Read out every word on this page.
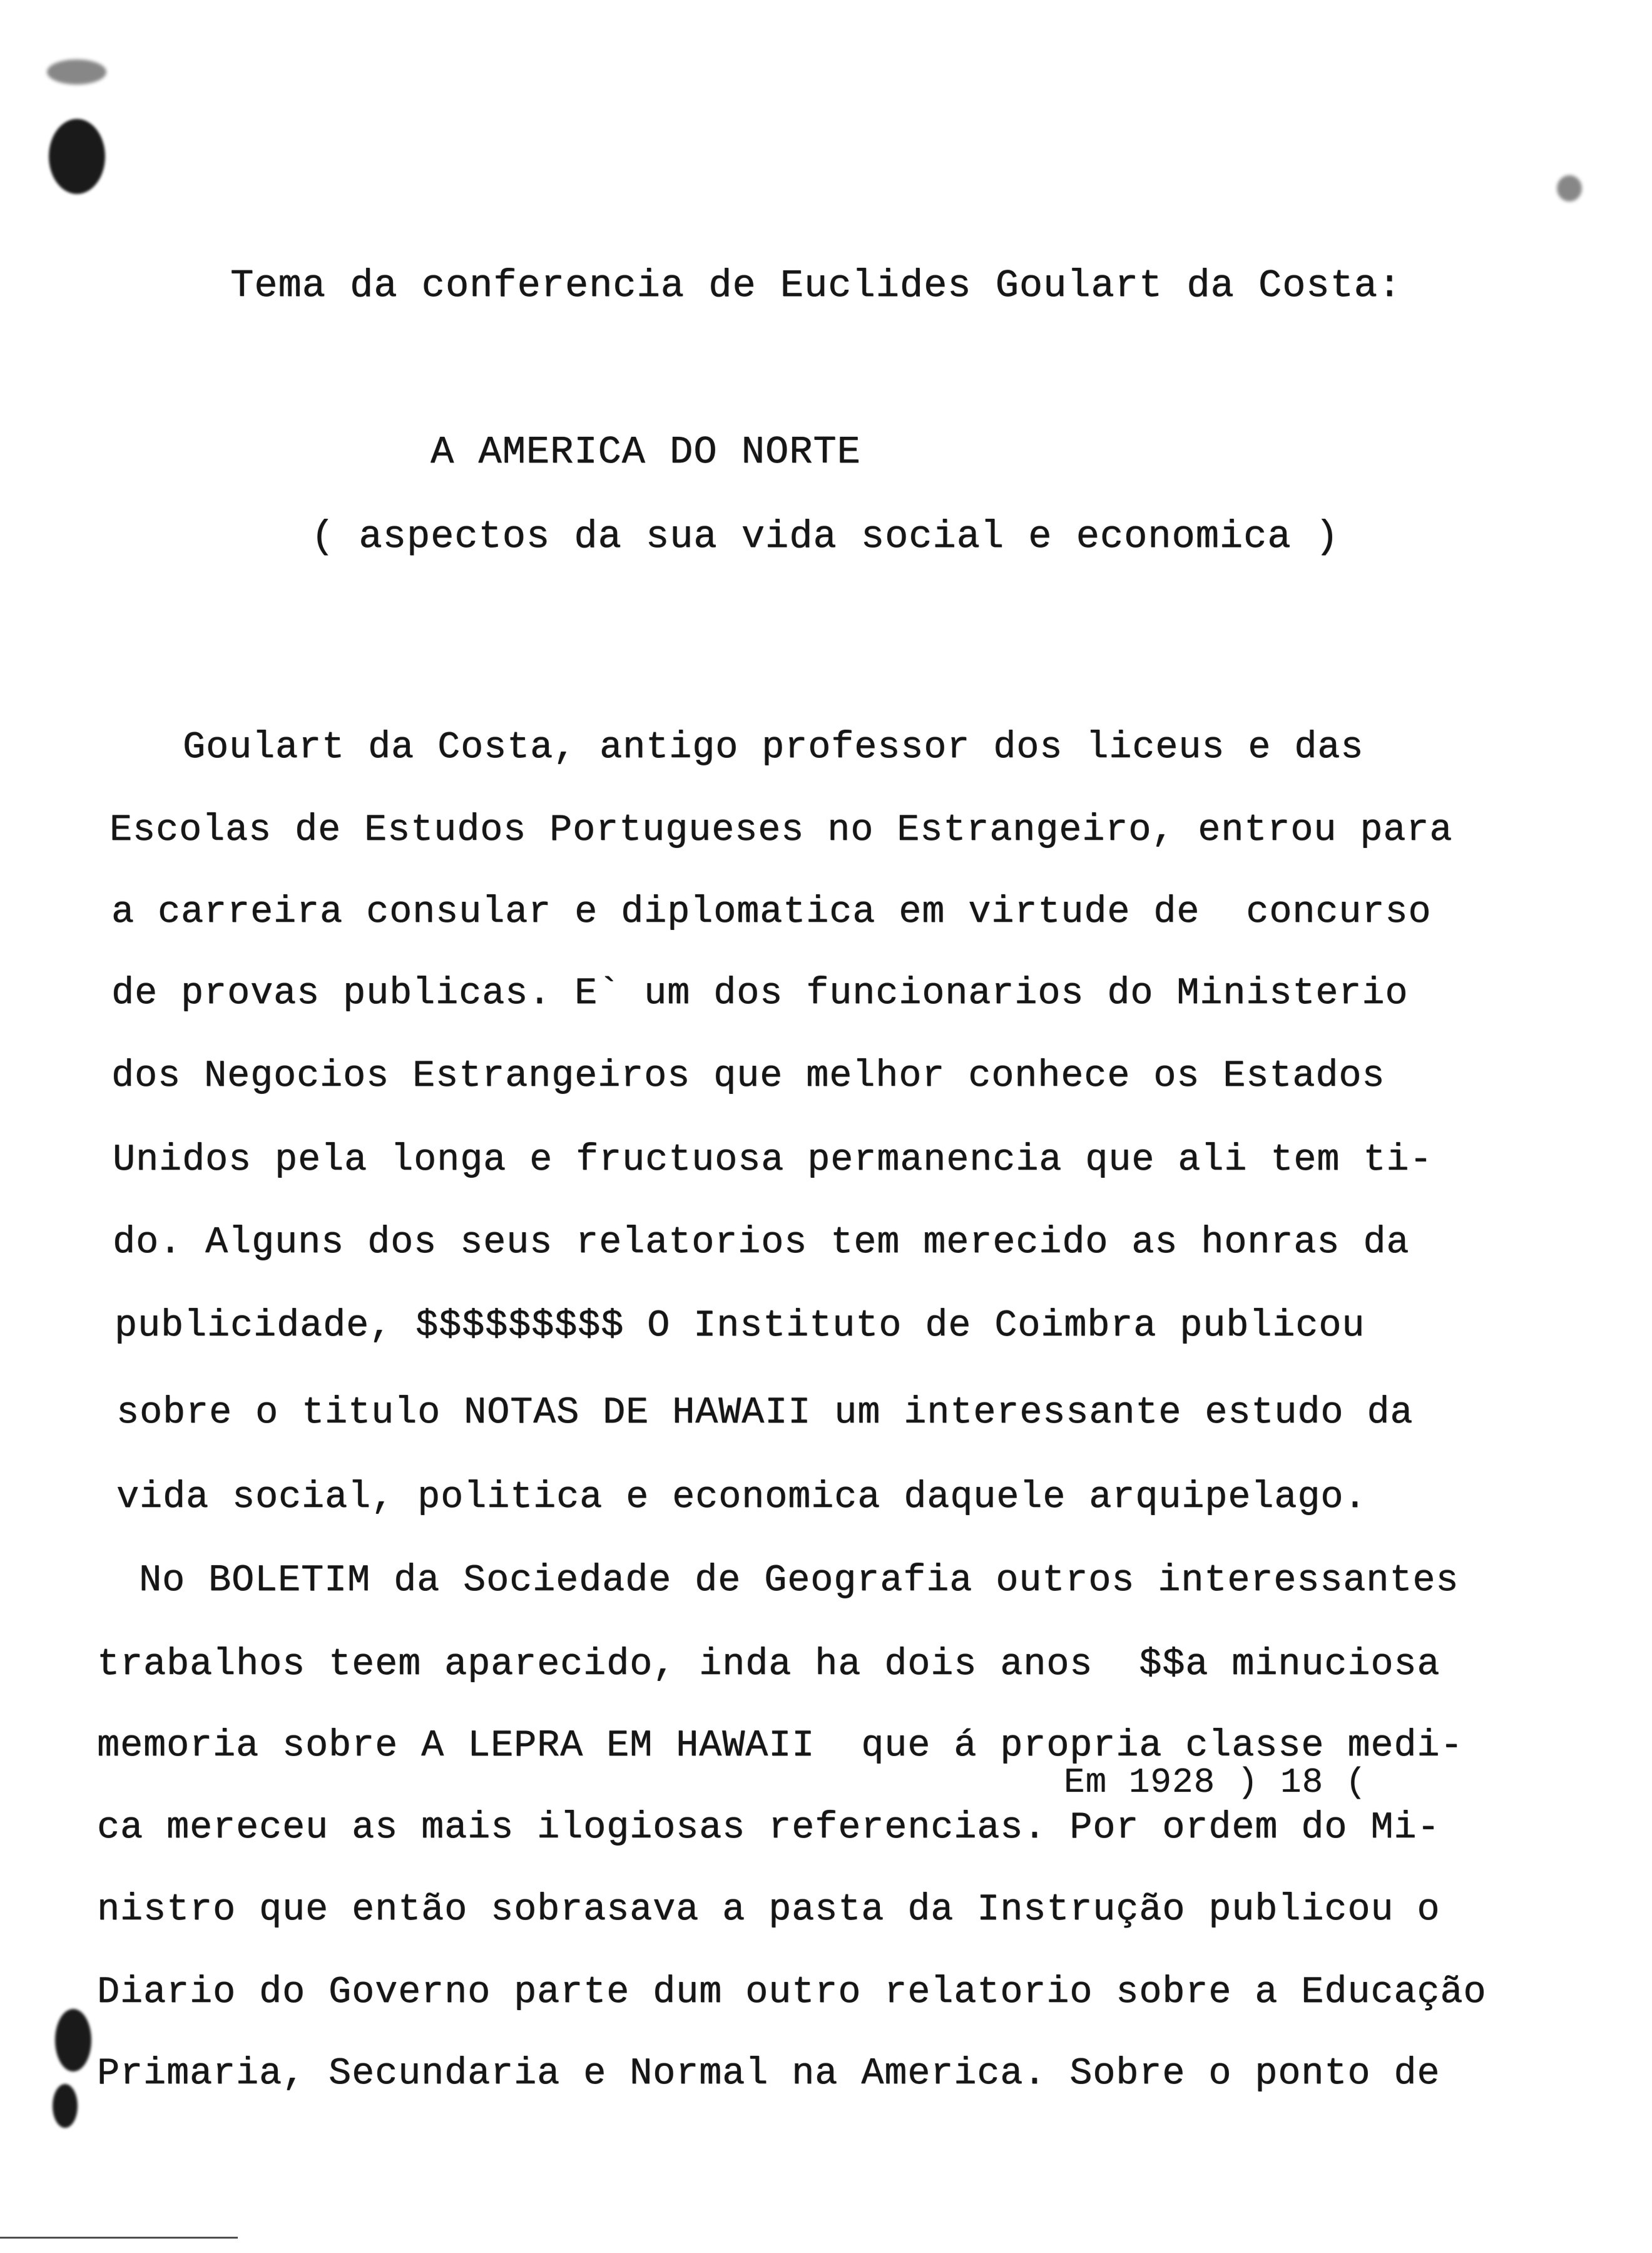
Tema da conferencia de Euclides Goulart da Costa:
A AMERICA DO NORTE
( aspectos da sua vida social e economica )
Goulart da Costa, antigo professor dos liceus e das
Escolas de Estudos Portugueses no Estrangeiro, entrou para
a carreira consular e diplomatica em virtude de  concurso
de provas publicas. E` um dos funcionarios do Ministerio
dos Negocios Estrangeiros que melhor conhece os Estados
Unidos pela longa e fructuosa permanencia que ali tem ti-
do. Alguns dos seus relatorios tem merecido as honras da
publicidade, $$$$$$$$$ O Instituto de Coimbra publicou
sobre o titulo NOTAS DE HAWAII um interessante estudo da
vida social, politica e economica daquele arquipelago.
No BOLETIM da Sociedade de Geografia outros interessantes
trabalhos teem aparecido, inda ha dois anos  $$a minuciosa
memoria sobre A LEPRA EM HAWAII  que á propria classe medi-
Em 1928 ) 18 (
ca mereceu as mais ilogiosas referencias. Por ordem do Mi-
nistro que então sobrasava a pasta da Instrução publicou o
Diario do Governo parte dum outro relatorio sobre a Educação
Primaria, Secundaria e Normal na America. Sobre o ponto de
